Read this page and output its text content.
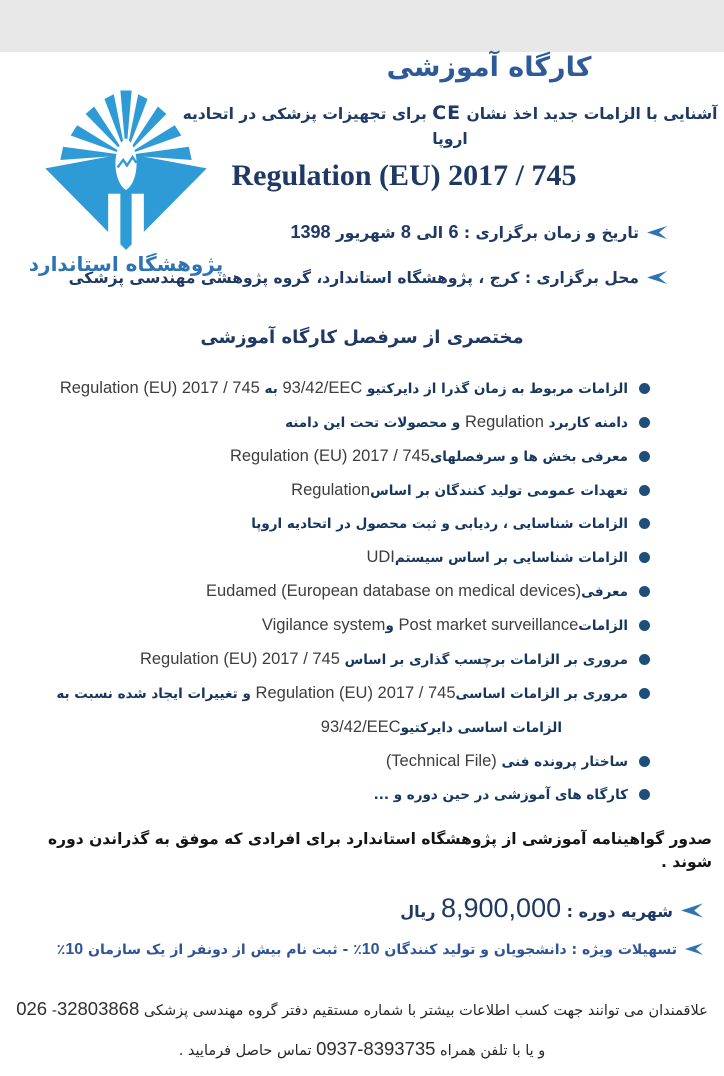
پژوهشگاه استاندارد
کارگاه آموزشی
آشنایی با الزامات جدید اخذ نشان CE برای تجهیزات پزشکی در اتحادیه اروپا
Regulation (EU) 2017 / 745
تاریخ و زمان برگزاری : 6 الی 8 شهریور 1398
محل برگزاری : کرج ، پژوهشگاه استاندارد، گروه پژوهشی مهندسی پزشکی
مختصری از سرفصل کارگاه آموزشی
الزامات مربوط به زمان گذرا از دایرکتیو 93/42/EEC به Regulation (EU) 2017 / 745
دامنه کاربرد Regulation و محصولات تحت این دامنه
معرفی بخش ها و سرفصلهایRegulation (EU) 2017 / 745
تعهدات عمومی تولید کنندگان بر اساسRegulation
الزامات شناسایی ، ردیابی و ثبت محصول در اتحادیه اروپا
الزامات شناسایی بر اساس سیستمUDI
معرفیEudamed (European database on medical devices)
الزاماتPost market surveillance وVigilance system
مروری بر الزامات برچسب گذاری بر اساس Regulation (EU) 2017 / 745
مروری بر الزامات اساسیRegulation (EU) 2017 / 745 و تغییرات ایجاد شده نسبت به
الزامات اساسی دایرکتیو93/42/EEC
ساختار پرونده فنی (Technical File)
کارگاه های آموزشی در حین دوره و ...
صدور گواهینامه آموزشی از پژوهشگاه استاندارد برای افرادی که موفق به گذراندن دوره شوند .
شهریه دوره : 8,900,000 ریال
تسهیلات ویژه : دانشجویان و تولید کنندگان 10٪ - ثبت نام بیش از دونفر از یک سازمان 10٪
علاقمندان می توانند جهت کسب اطلاعات بیشتر با شماره مستقیم دفتر گروه مهندسی پزشکی 32803868- 026
و یا با تلفن همراه 0937-8393735 تماس حاصل فرمایید .
